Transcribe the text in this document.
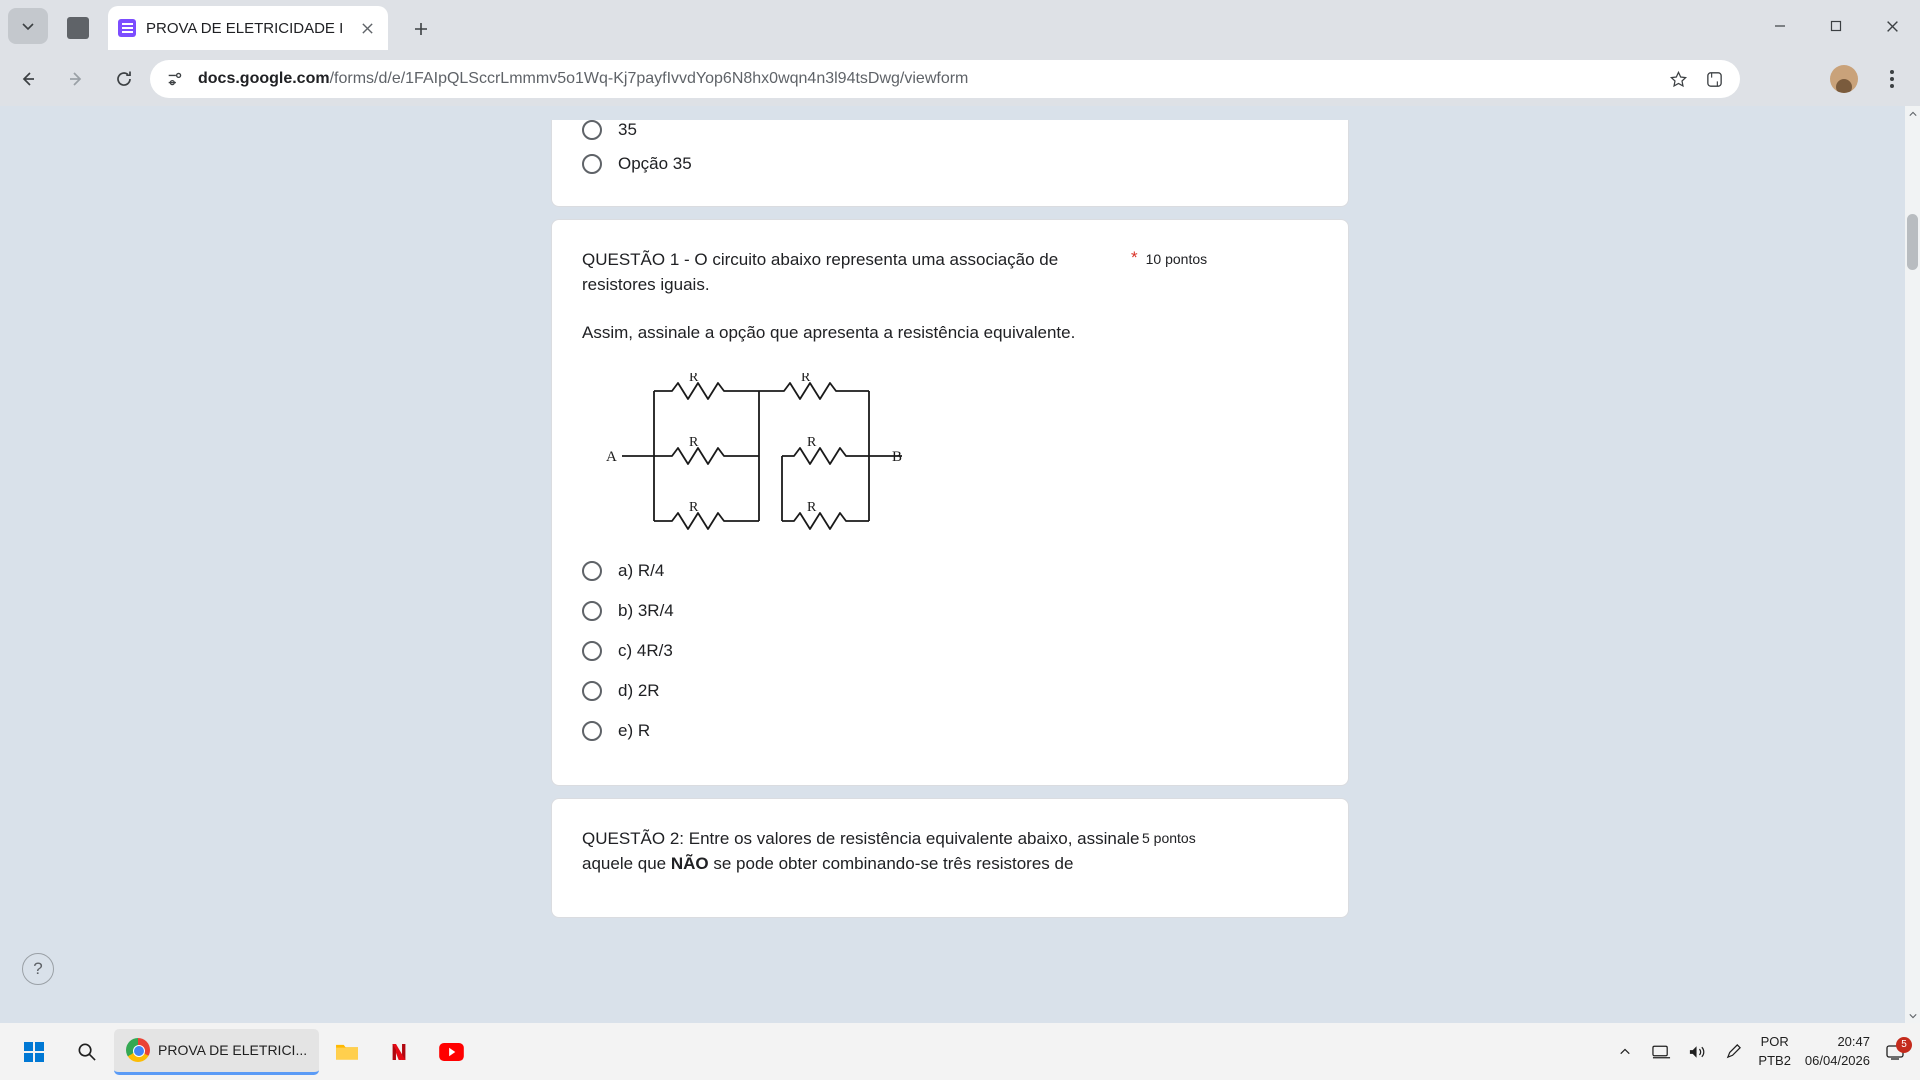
PROVA DE ELETRICIDADE I
docs.google.com/forms/d/e/1FAIpQLSccrLmmmv5o1Wq-Kj7payfIvvdYop6N8hx0wqn4n3l94tsDwg/viewform
35
Opção 35
QUESTÃO 1 - O circuito abaixo representa uma associação de resistores iguais.
* 10 pontos
Assim, assinale a opção que apresenta a resistência equivalente.
R
R
R
R
R
R
A	B
a) R/4
b) 3R/4
c) 4R/3
d) 2R
e) R
QUESTÃO 2: Entre os valores de resistência equivalente abaixo, assinale aquele que NÃO se pode obter combinando-se três resistores de
5 pontos
?
PROVA DE ELETRICI...
POR
PTB2
20:47
06/04/2026
5
